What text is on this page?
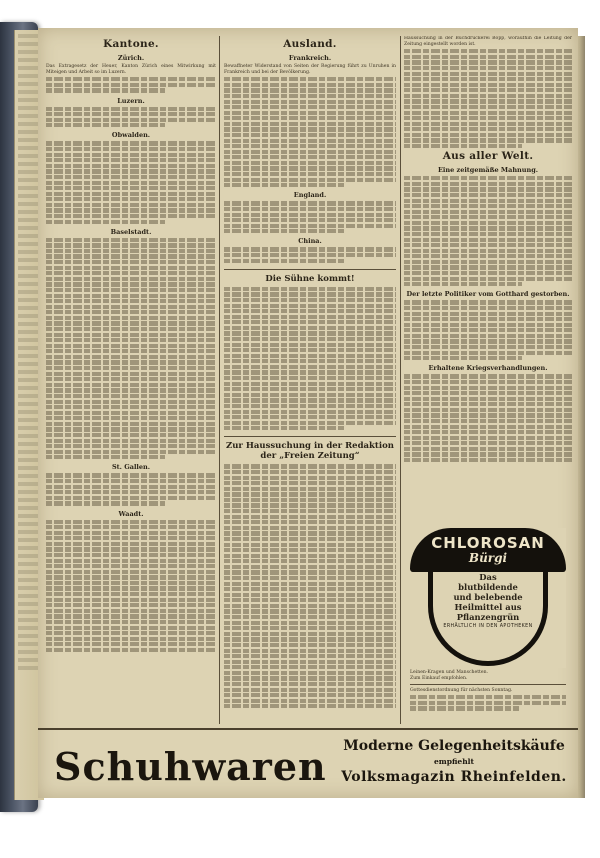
Kantone.
Zürich.

Das Extragesetz der Heuer, Kanton Zürich eines Mitwirkung mit Miteigen und Arbeit so im Luzern.

Luzern.
Obwalden.
Baselstadt.
St. Gallen.
Waadt.
Ausland.
Frankreich.

Bewaffneter Widerstand von Seiten der Regierung führt zu Unruhen in Frankreich und bei der Bevölkerung.

England.
China.
Die Sühne kommt!
Zur Haussuchung in der Redaktion der „Freien Zeitung“

Haussuchung in der Buchdruckerei Bopp, woraufhin die Leitung der Zeitung eingestellt worden ist.

Aus aller Welt.
Eine zeitgemäße Mahnung.
Der letzte Politiker vom Gotthard gestorben.
Erhaltene Kriegsverhandlungen.
CHLOROSAN
Bürgi
Das
blutbildende
und belebende
Heilmittel aus
Pflanzengrün
ERHÄLTLICH IN DEN APOTHEKEN

Leinen-Kragen und Manschetten.

Zum Einkauf empfohlen.

Gottesdienstordnung für nächsten Sonntag.

Schuhwaren	Moderne Gelegenheitskäufe
empfiehlt
Volksmagazin Rheinfelden.
